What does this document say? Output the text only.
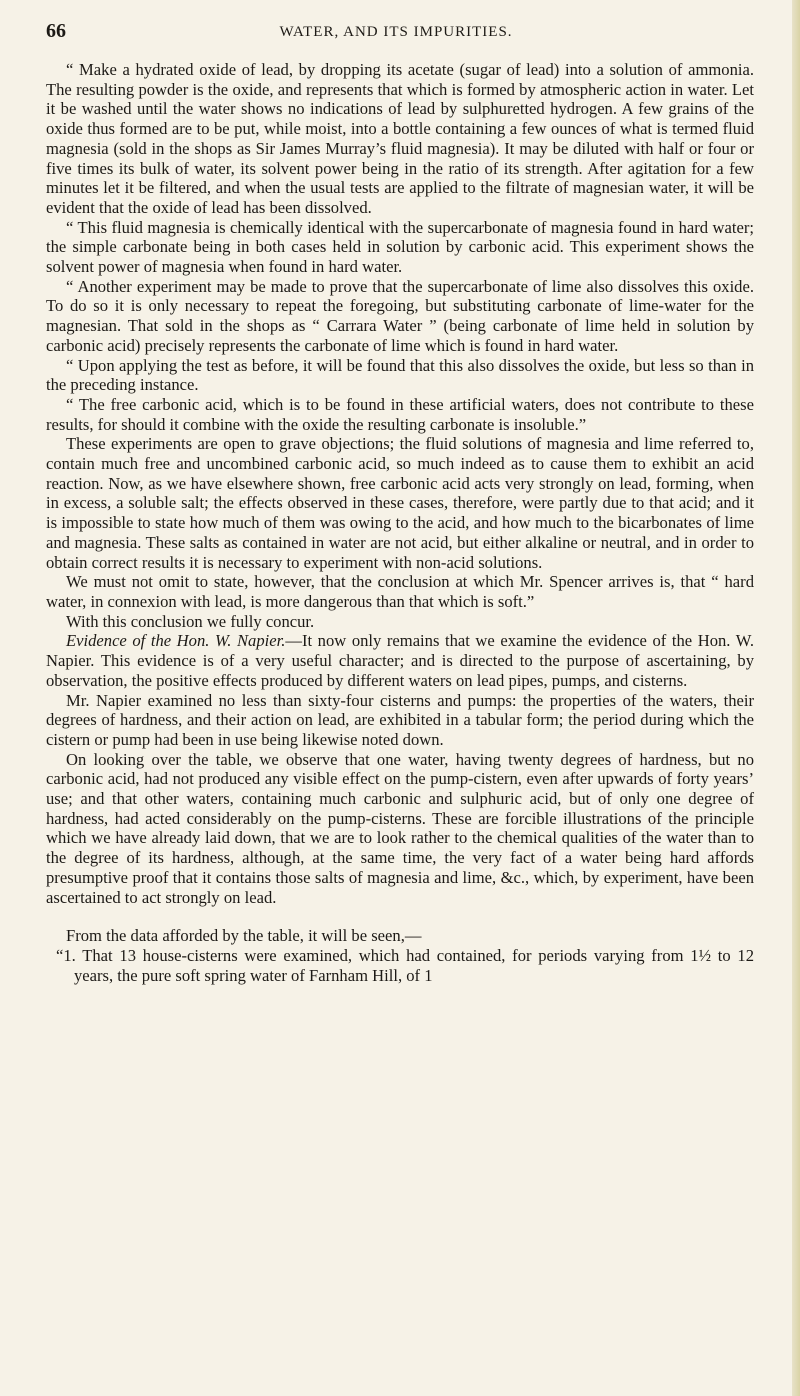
66	WATER, AND ITS IMPURITIES.

“ Make a hydrated oxide of lead, by dropping its acetate (sugar of lead) into a solution of ammonia. The resulting powder is the oxide, and represents that which is formed by atmospheric action in water. Let it be washed until the water shows no indications of lead by sulphuretted hydrogen. A few grains of the oxide thus formed are to be put, while moist, into a bottle containing a few ounces of what is termed fluid magnesia (sold in the shops as Sir James Murray’s fluid magnesia). It may be diluted with half or four or five times its bulk of water, its solvent power being in the ratio of its strength. After agitation for a few minutes let it be filtered, and when the usual tests are applied to the filtrate of magnesian water, it will be evident that the oxide of lead has been dissolved.

“ This fluid magnesia is chemically identical with the supercarbonate of magnesia found in hard water; the simple carbonate being in both cases held in solution by carbonic acid. This experiment shows the solvent power of magnesia when found in hard water.

“ Another experiment may be made to prove that the supercarbonate of lime also dissolves this oxide. To do so it is only necessary to repeat the foregoing, but substituting carbonate of lime-water for the magnesian. That sold in the shops as “ Carrara Water ” (being carbonate of lime held in solution by carbonic acid) precisely represents the carbonate of lime which is found in hard water.

“ Upon applying the test as before, it will be found that this also dissolves the oxide, but less so than in the preceding instance.

“ The free carbonic acid, which is to be found in these artificial waters, does not contribute to these results, for should it combine with the oxide the resulting carbonate is insoluble.”

These experiments are open to grave objections; the fluid solutions of magnesia and lime referred to, contain much free and uncombined carbonic acid, so much indeed as to cause them to exhibit an acid reaction. Now, as we have elsewhere shown, free carbonic acid acts very strongly on lead, forming, when in excess, a soluble salt; the effects observed in these cases, therefore, were partly due to that acid; and it is impossible to state how much of them was owing to the acid, and how much to the bicarbonates of lime and magnesia. These salts as contained in water are not acid, but either alkaline or neutral, and in order to obtain correct results it is necessary to experiment with non-acid solutions.

We must not omit to state, however, that the conclusion at which Mr. Spencer arrives is, that “ hard water, in connexion with lead, is more dangerous than that which is soft.”

With this conclusion we fully concur.

Evidence of the Hon. W. Napier.—It now only remains that we examine the evidence of the Hon. W. Napier. This evidence is of a very useful character; and is directed to the purpose of ascertaining, by observation, the positive effects produced by different waters on lead pipes, pumps, and cisterns.

Mr. Napier examined no less than sixty-four cisterns and pumps: the properties of the waters, their degrees of hardness, and their action on lead, are exhibited in a tabular form; the period during which the cistern or pump had been in use being likewise noted down.

On looking over the table, we observe that one water, having twenty degrees of hardness, but no carbonic acid, had not produced any visible effect on the pump-cistern, even after upwards of forty years’ use; and that other waters, containing much carbonic and sulphuric acid, but of only one degree of hardness, had acted considerably on the pump-cisterns. These are forcible illustrations of the principle which we have already laid down, that we are to look rather to the chemical qualities of the water than to the degree of its hardness, although, at the same time, the very fact of a water being hard affords presumptive proof that it contains those salts of magnesia and lime, &c., which, by experiment, have been ascertained to act strongly on lead.

From the data afforded by the table, it will be seen,—

“1. That 13 house-cisterns were examined, which had contained, for periods varying from 1½ to 12 years, the pure soft spring water of Farnham Hill, of 1
